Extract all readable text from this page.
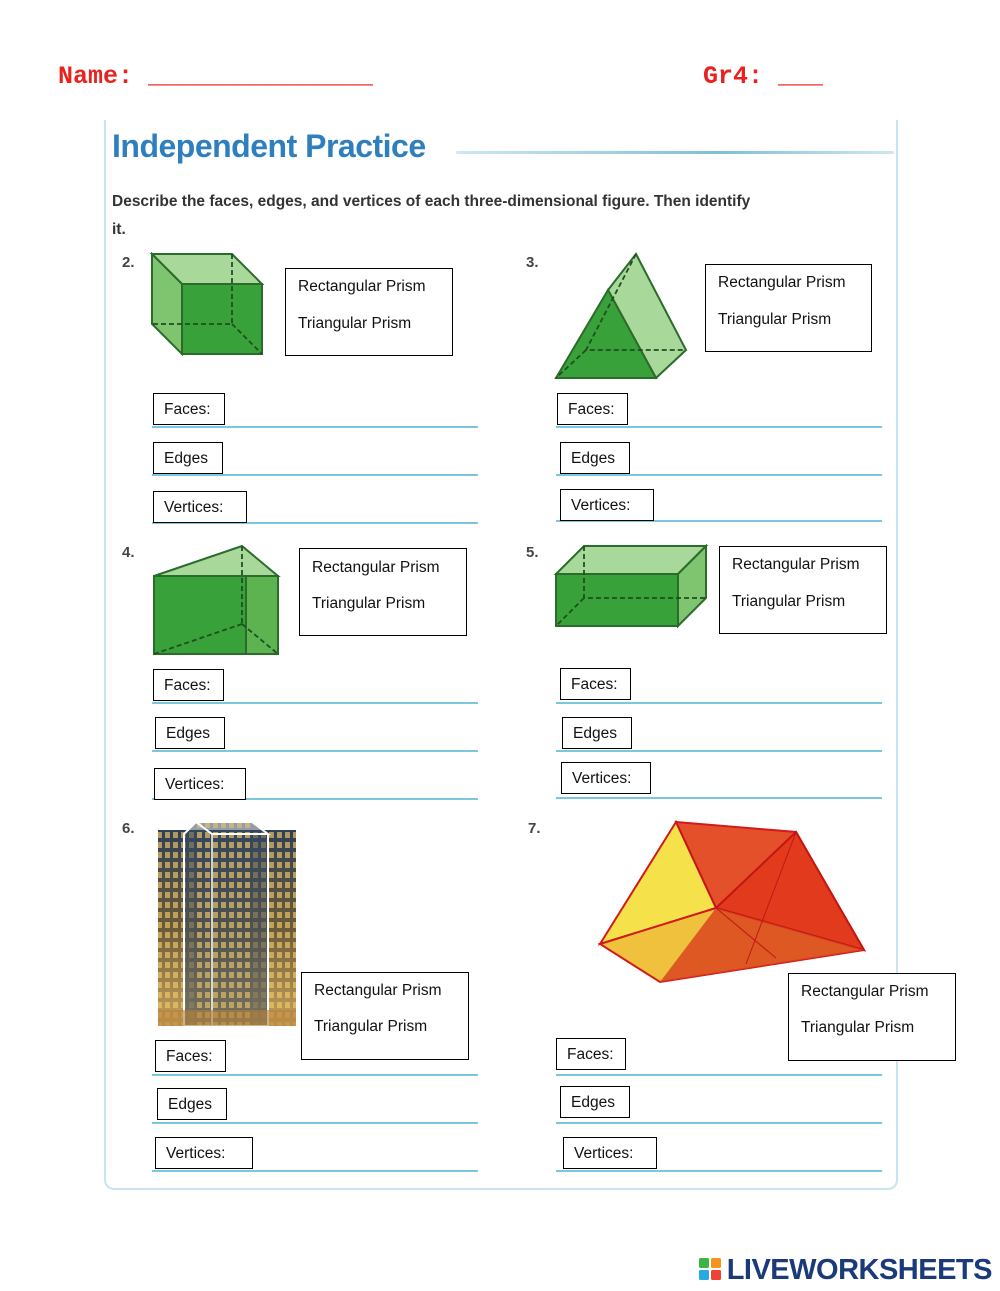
Name: _______________	Gr4: ___
Independent Practice
Describe the faces, edges, and vertices of each three-dimensional figure. Then identify it.
2.	3.
4.	5.
6.	7.
Rectangular Prism
Triangular Prism
Rectangular Prism
Triangular Prism
Rectangular Prism
Triangular Prism
Rectangular Prism
Triangular Prism
Rectangular Prism
Triangular Prism
Rectangular Prism
Triangular Prism
Faces:
Edges
Vertices:
Faces:
Edges
Vertices:
Faces:
Edges
Vertices:
Faces:
Edges
Vertices:
Faces:
Edges
Vertices:
Faces:
Edges
Vertices:
LIVEWORKSHEETS
